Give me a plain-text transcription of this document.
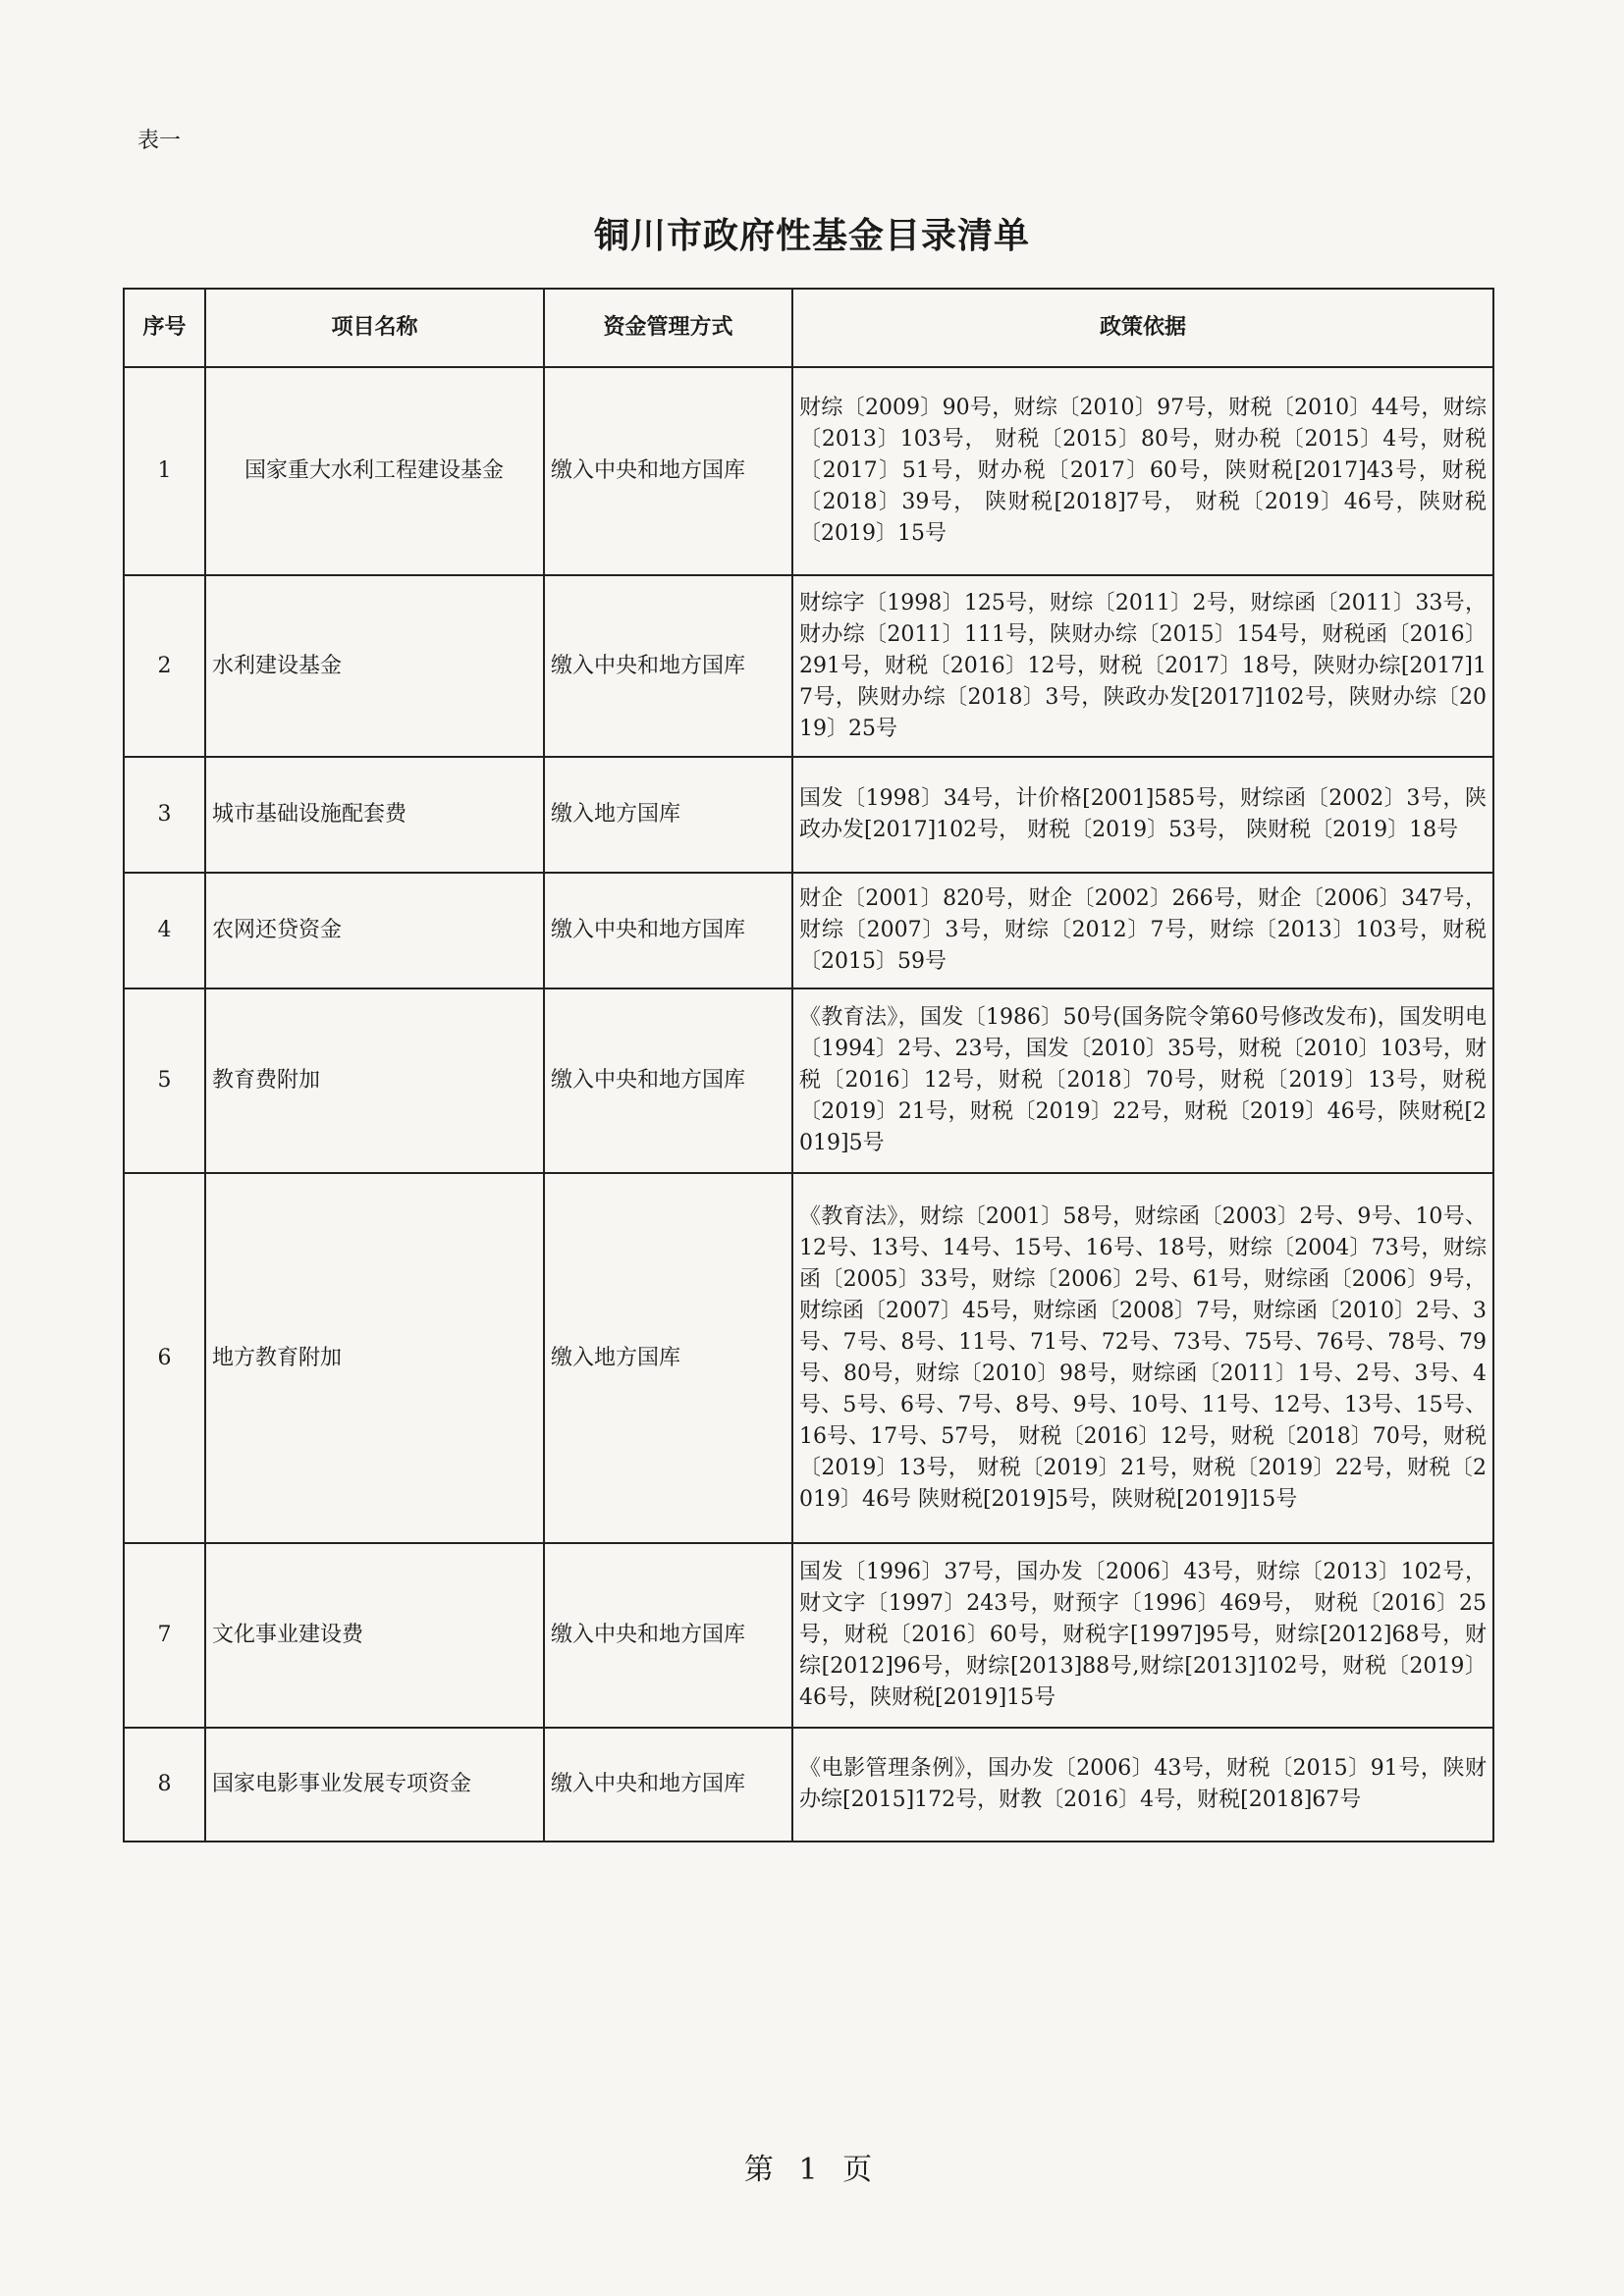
表一
铜川市政府性基金目录清单
序号	项目名称	资金管理方式	政策依据
1	国家重大水利工程建设基金	缴入中央和地方国库	财综〔2009〕90号，财综〔2010〕97号，财税〔2010〕44号，财综〔2013〕103号， 财税〔2015〕80号，财办税〔2015〕4号，财税〔2017〕51号，财办税〔2017〕60号，陕财税[2017]43号，财税〔2018〕39号， 陕财税[2018]7号， 财税〔2019〕46号，陕财税〔2019〕15号
2	水利建设基金	缴入中央和地方国库	财综字〔1998〕125号，财综〔2011〕2号，财综函〔2011〕33号，财办综〔2011〕111号，陕财办综〔2015〕154号，财税函〔2016〕291号，财税〔2016〕12号，财税〔2017〕18号，陕财办综[2017]17号，陕财办综〔2018〕3号，陕政办发[2017]102号，陕财办综〔2019〕25号
3	城市基础设施配套费	缴入地方国库	国发〔1998〕34号，计价格[2001]585号，财综函〔2002〕3号，陕政办发[2017]102号， 财税〔2019〕53号， 陕财税〔2019〕18号
4	农网还贷资金	缴入中央和地方国库	财企〔2001〕820号，财企〔2002〕266号，财企〔2006〕347号，财综〔2007〕3号，财综〔2012〕7号，财综〔2013〕103号，财税〔2015〕59号
5	教育费附加	缴入中央和地方国库	《教育法》，国发〔1986〕50号(国务院令第60号修改发布)，国发明电〔1994〕2号、23号，国发〔2010〕35号，财税〔2010〕103号，财税〔2016〕12号，财税〔2018〕70号，财税〔2019〕13号，财税〔2019〕21号，财税〔2019〕22号，财税〔2019〕46号，陕财税[2019]5号
6	地方教育附加	缴入地方国库	《教育法》，财综〔2001〕58号，财综函〔2003〕2号、9号、10号、12号、13号、14号、15号、16号、18号，财综〔2004〕73号，财综函〔2005〕33号，财综〔2006〕2号、61号，财综函〔2006〕9号，财综函〔2007〕45号，财综函〔2008〕7号，财综函〔2010〕2号、3号、7号、8号、11号、71号、72号、73号、75号、76号、78号、79号、80号，财综〔2010〕98号，财综函〔2011〕1号、2号、3号、4号、5号、6号、7号、8号、9号、10号、11号、12号、13号、15号、16号、17号、57号， 财税〔2016〕12号，财税〔2018〕70号，财税〔2019〕13号， 财税〔2019〕21号，财税〔2019〕22号，财税〔2019〕46号 陕财税[2019]5号，陕财税[2019]15号
7	文化事业建设费	缴入中央和地方国库	国发〔1996〕37号，国办发〔2006〕43号，财综〔2013〕102号，财文字〔1997〕243号，财预字〔1996〕469号， 财税〔2016〕25号，财税〔2016〕60号，财税字[1997]95号，财综[2012]68号，财综[2012]96号，财综[2013]88号,财综[2013]102号，财税〔2019〕46号，陕财税[2019]15号
8	国家电影事业发展专项资金	缴入中央和地方国库	《电影管理条例》，国办发〔2006〕43号，财税〔2015〕91号，陕财办综[2015]172号，财教〔2016〕4号，财税[2018]67号
第 1 页
